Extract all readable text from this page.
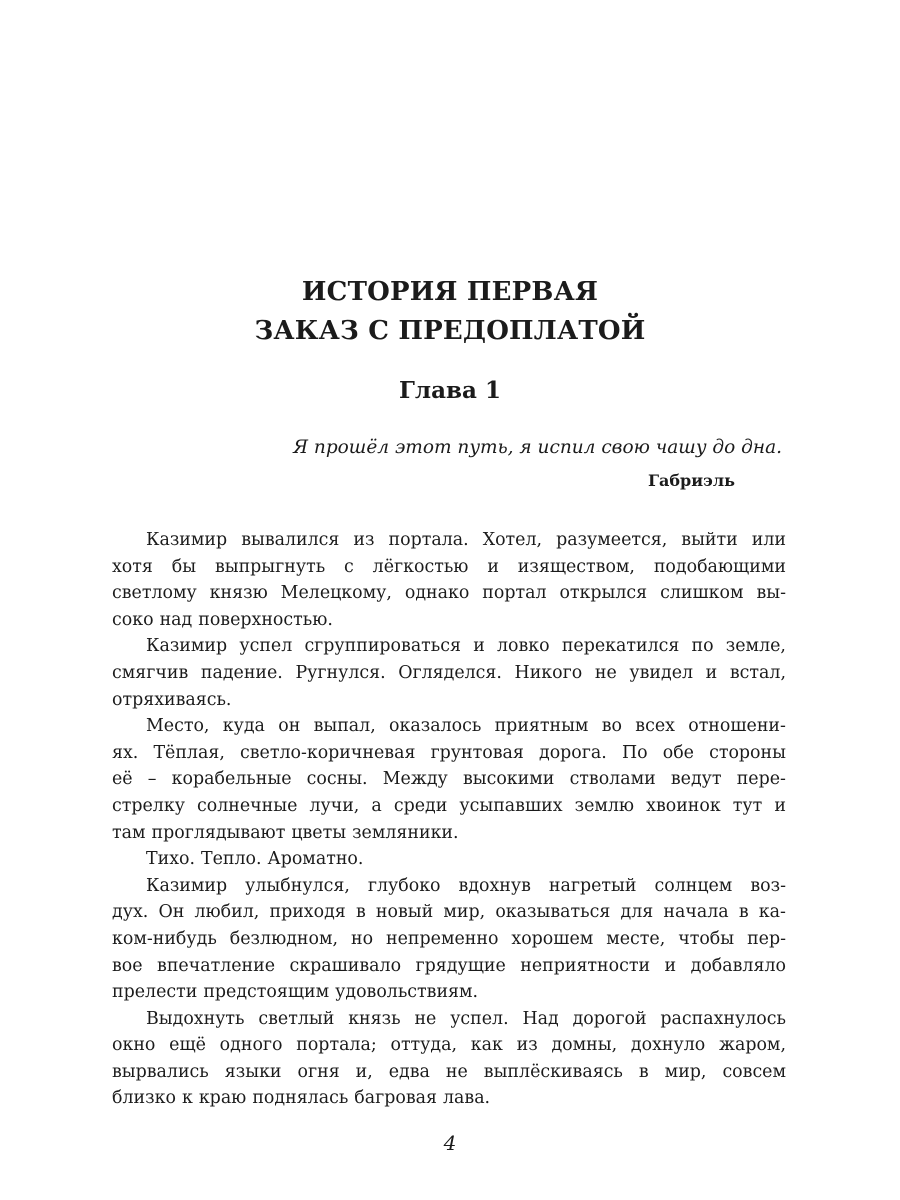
ИСТОРИЯ ПЕРВАЯ
ЗАКАЗ С ПРЕДОПЛАТОЙ
Глава 1

Я прошёл этот путь, я испил свою чашу до дна.

Габриэль

Казимир вывалился из портала. Хотел, разумеется, выйти или
хотя бы выпрыгнуть с лёгкостью и изяществом, подобающими
светлому князю Мелецкому, однако портал открылся слишком вы-
соко над поверхностью.
Казимир успел сгруппироваться и ловко перекатился по земле,
смягчив падение. Ругнулся. Огляделся. Никого не увидел и встал,
отряхиваясь.
Место, куда он выпал, оказалось приятным во всех отношени-
ях. Тёплая, светло-коричневая грунтовая дорога. По обе стороны
её – корабельные сосны. Между высокими стволами ведут пере-
стрелку солнечные лучи, а среди усыпавших землю хвоинок тут и
там проглядывают цветы земляники.
Тихо. Тепло. Ароматно.
Казимир улыбнулся, глубоко вдохнув нагретый солнцем воз-
дух. Он любил, приходя в новый мир, оказываться для начала в ка-
ком-нибудь безлюдном, но непременно хорошем месте, чтобы пер-
вое впечатление скрашивало грядущие неприятности и добавляло
прелести предстоящим удовольствиям.
Выдохнуть светлый князь не успел. Над дорогой распахнулось
окно ещё одного портала; оттуда, как из домны, дохнуло жаром,
вырвались языки огня и, едва не выплёскиваясь в мир, совсем
близко к краю поднялась багровая лава.

4
